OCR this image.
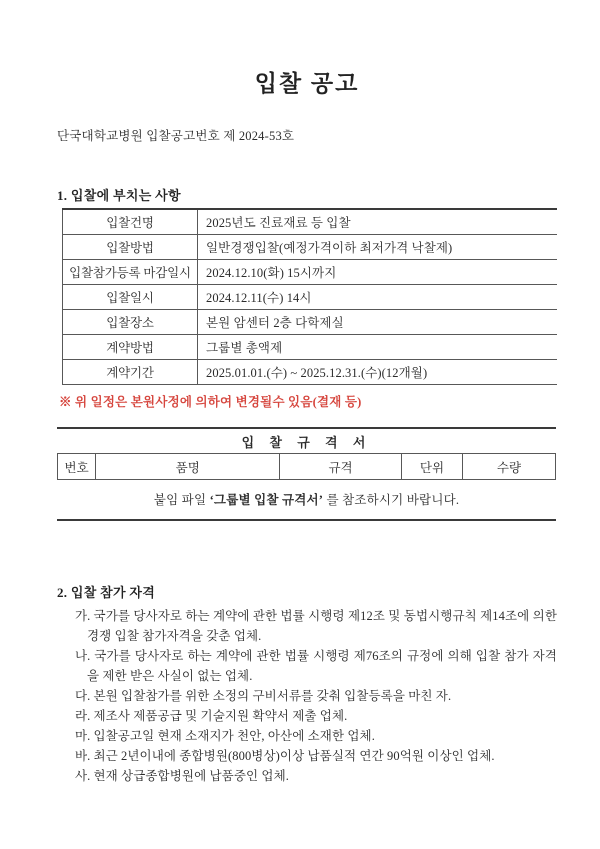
입찰 공고

단국대학교병원 입찰공고번호 제 2024-53호

1. 입찰에 부치는 사항
입찰건명	2025년도 진료재료 등 입찰
입찰방법	일반경쟁입찰(예정가격이하 최저가격 낙찰제)
입찰참가등록 마감일시	2024.12.10(화) 15시까지
입찰일시	2024.12.11(수) 14시
입찰장소	본원 암센터 2층 다학제실
계약방법	그룹별 총액제
계약기간	2025.01.01.(수) ~ 2025.12.31.(수)(12개월)

※ 위 일정은 본원사정에 의하여 변경될수 있음(결재 등)

입 찰 규 격 서
번호	품명	규격	단위	수량
붙임 파일 ‘그룹별 입찰 규격서’ 를 참조하시기 바랍니다.
2. 입찰 참가 자격

가. 국가를 당사자로 하는 계약에 관한 법률 시행령 제12조 및 동법시행규칙 제14조에 의한 경쟁 입찰 참가자격을 갖춘 업체.

나. 국가를 당사자로 하는 계약에 관한 법률 시행령 제76조의 규정에 의해 입찰 참가 자격을 제한 받은 사실이 없는 업체.

다. 본원 입찰참가를 위한 소정의 구비서류를 갖춰 입찰등록을 마친 자.

라. 제조사 제품공급 및 기술지원 확약서 제출 업체.

마. 입찰공고일 현재 소재지가 천안, 아산에 소재한 업체.

바. 최근 2년이내에 종합병원(800병상)이상 납품실적 연간 90억원 이상인 업체.

사. 현재 상급종합병원에 납품중인 업체.
